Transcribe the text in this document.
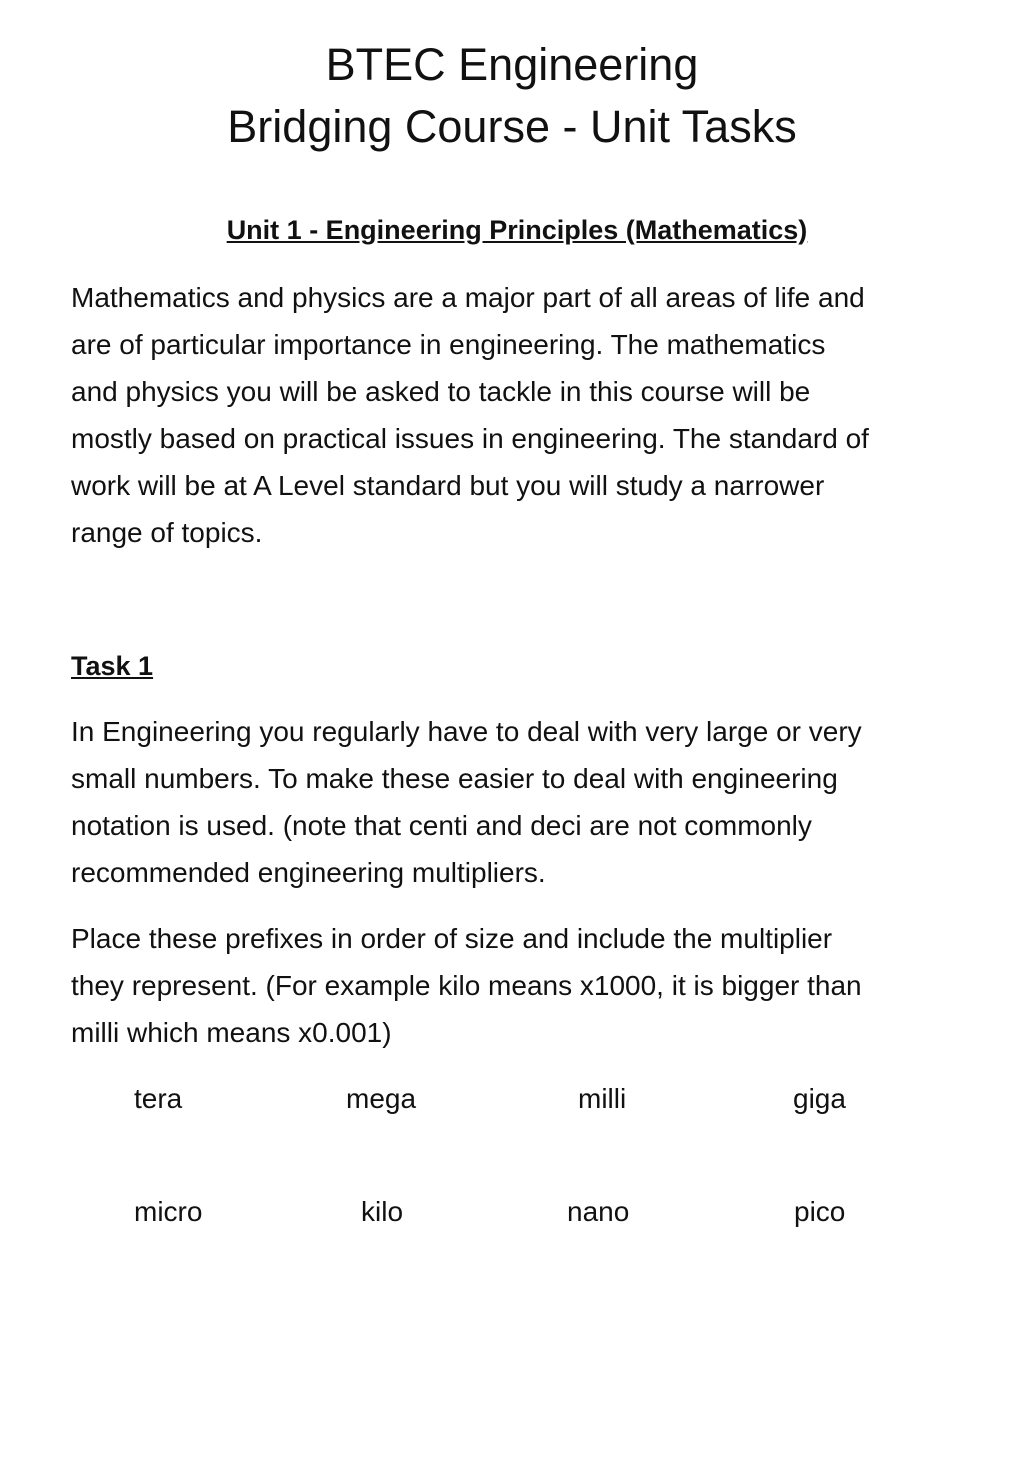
BTEC Engineering
Bridging Course - Unit Tasks
Unit 1 - Engineering Principles (Mathematics)

Mathematics and physics are a major part of all areas of life and
are of particular importance in engineering. The mathematics
and physics you will be asked to tackle in this course will be
mostly based on practical issues in engineering. The standard of
work will be at A Level standard but you will study a narrower
range of topics.

Task 1

In Engineering you regularly have to deal with very large or very
small numbers. To make these easier to deal with engineering
notation is used. (note that centi and deci are not commonly
recommended engineering multipliers.

Place these prefixes in order of size and include the multiplier
they represent. (For example kilo means x1000, it is bigger than
milli which means x0.001)

tera	mega	milli	giga
micro	kilo	nano	pico
